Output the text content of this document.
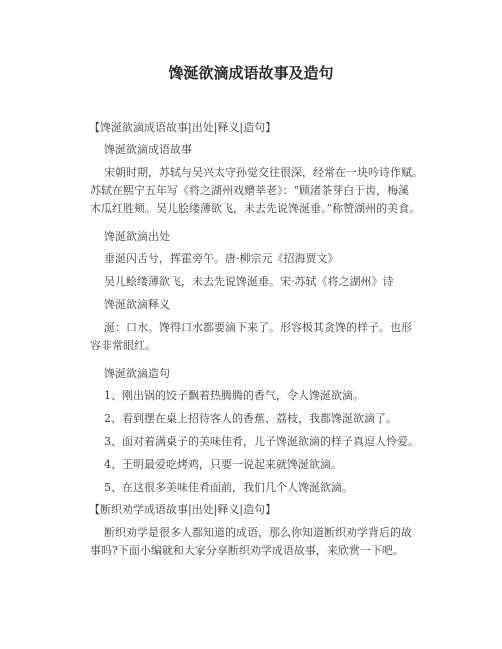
馋涎欲滴成语故事及造句
【馋涎欲滴成语故事|出处|释义|造句】
馋涎欲滴成语故事
宋朝时期，苏轼与吴兴太守孙觉交往很深，经常在一块吟诗作赋。
苏轼在熙宁五年写《将之湖州戏赠莘老》：“顾渚茶芽白于齿，梅溪
木瓜红胜颊。吴儿脍缕薄欲飞，未去先说馋涎垂。”称赞湖州的美食。
馋涎欲滴出处
垂涎闪舌兮，挥霍旁午。唐·柳宗元《招海贾文》
吴儿鲙缕薄欲飞，未去先说馋涎垂。宋·苏轼《将之湖州》诗
馋涎欲滴释义
涎：口水。馋得口水都要滴下来了。形容极其贪馋的样子。也形
容非常眼红。
馋涎欲滴造句
1、刚出锅的饺子飘着热腾腾的香气，令人馋涎欲滴。
2、看到摆在桌上招待客人的香蕉、荔枝，我都馋涎欲滴了。
3、面对着满桌子的美味佳肴，儿子馋涎欲滴的样子真逗人怜爱。
4、王明最爱吃烤鸡，只要一说起来就馋涎欲滴。
5、在这很多美味佳肴面前，我们几个人馋涎欲滴。
【断织劝学成语故事|出处|释义|造句】
断织劝学是很多人都知道的成语，那么你知道断织劝学背后的故
事吗?下面小编就和大家分享断织劝学成语故事，来欣赏一下吧。
